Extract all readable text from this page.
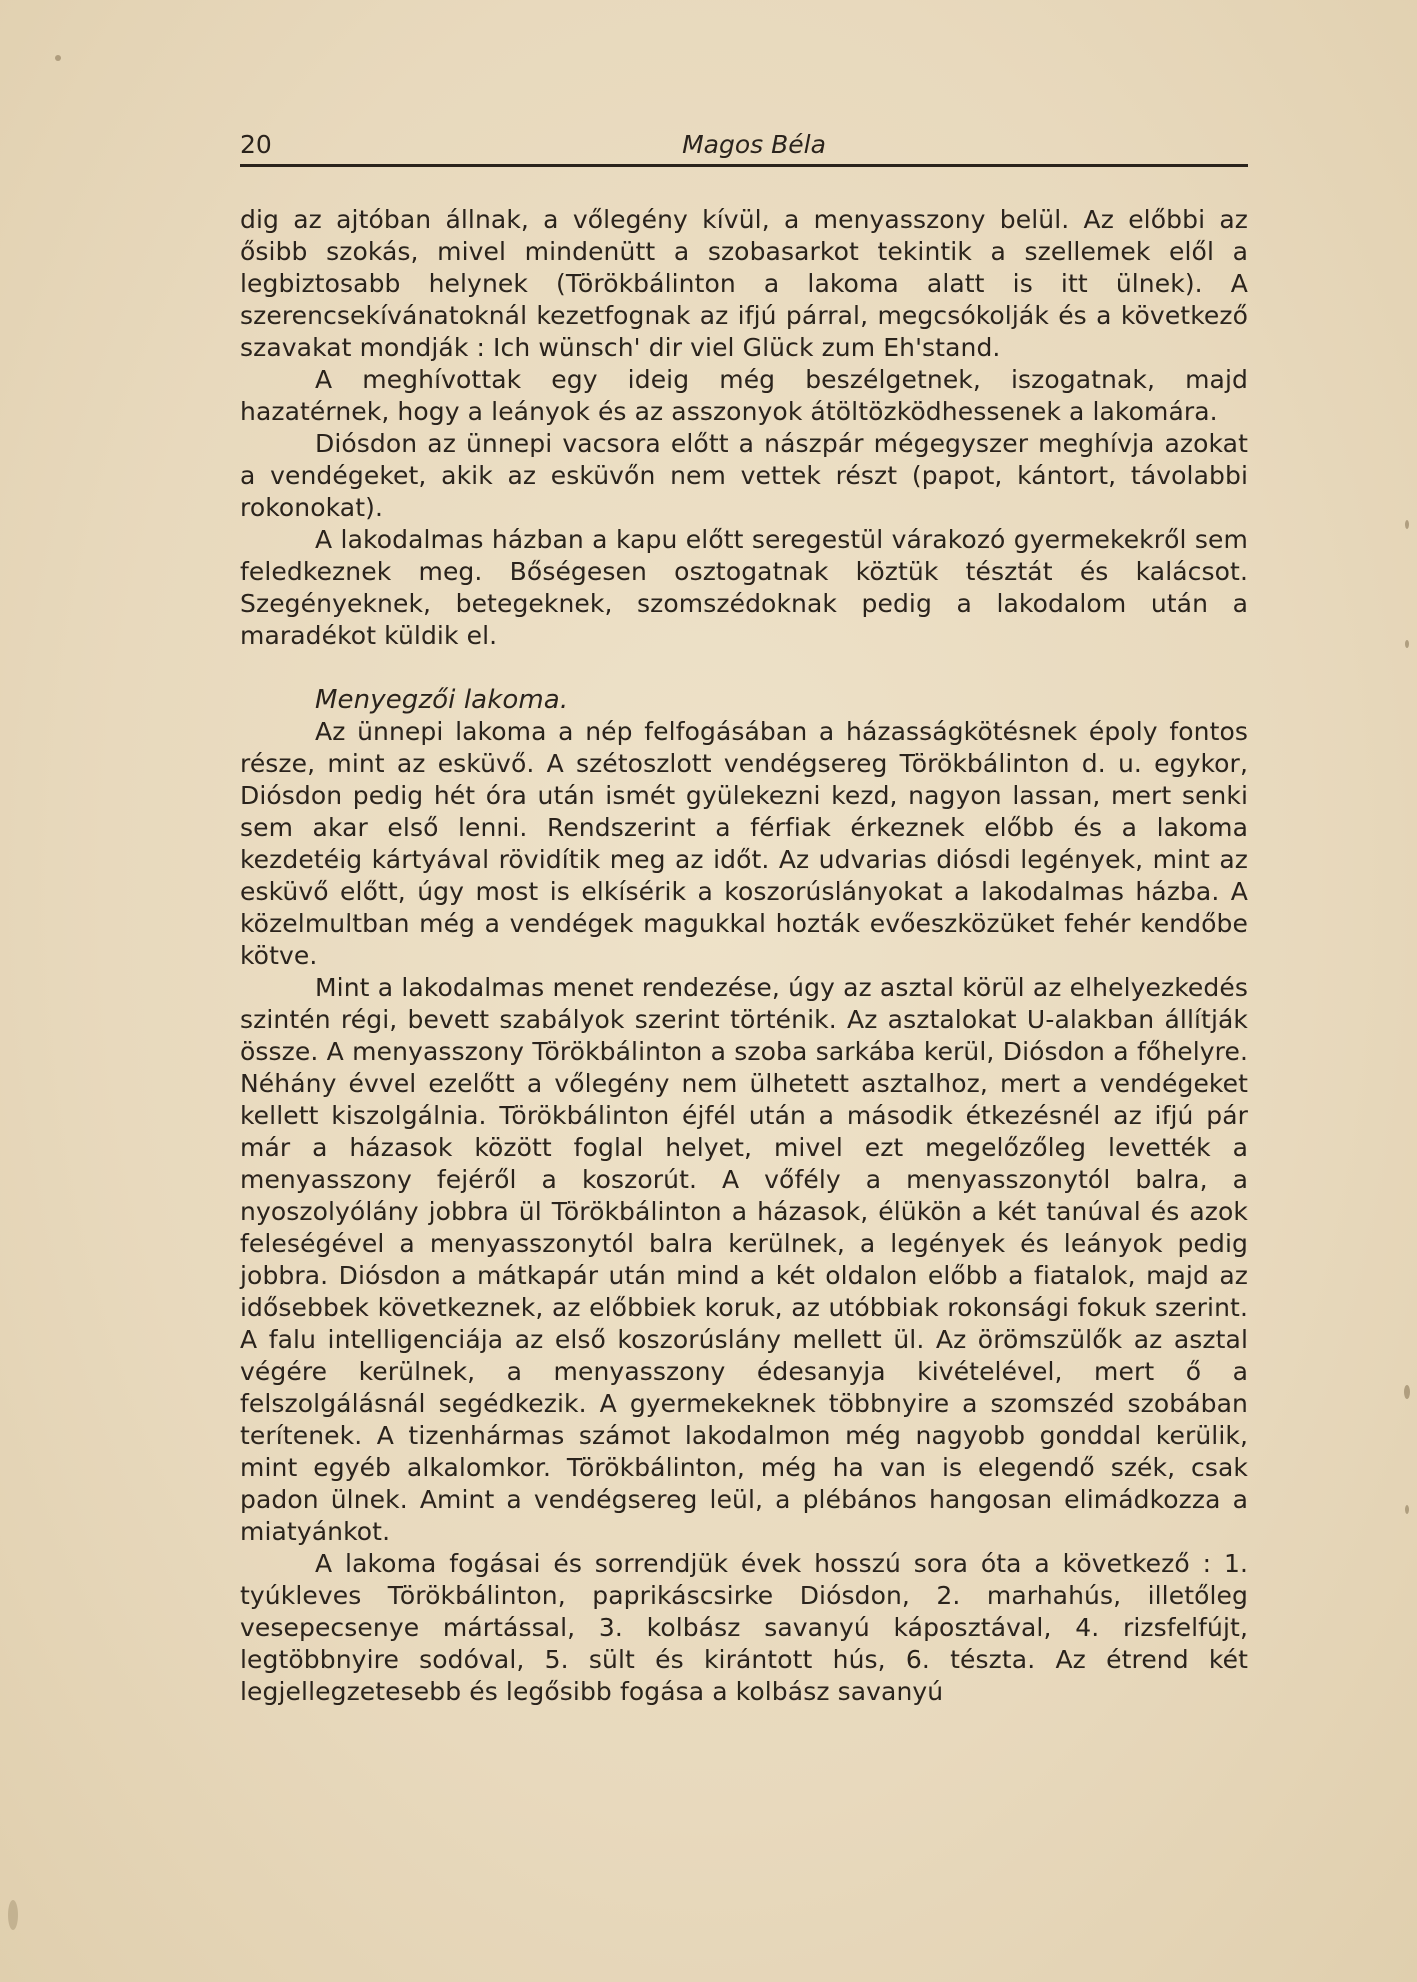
20	Magos Béla

dig az ajtóban állnak, a vőlegény kívül, a menyasszony belül. Az előbbi az ősibb szokás, mivel mindenütt a szobasarkot tekintik a szellemek elől a legbiztosabb helynek (Törökbálinton a lakoma alatt is itt ülnek). A szerencsekívánatoknál kezetfognak az ifjú párral, megcsókolják és a következő szavakat mondják : Ich wünsch' dir viel Glück zum Eh'stand.

A meghívottak egy ideig még beszélgetnek, iszogatnak, majd hazatérnek, hogy a leányok és az asszonyok átöltözködhessenek a lakomára.

Diósdon az ünnepi vacsora előtt a nászpár mégegyszer meghívja azokat a vendégeket, akik az esküvőn nem vettek részt (papot, kántort, távolabbi rokonokat).

A lakodalmas házban a kapu előtt seregestül várakozó gyermekekről sem feledkeznek meg. Bőségesen osztogatnak köztük tésztát és kalácsot. Szegényeknek, betegeknek, szomszédoknak pedig a lakodalom után a maradékot küldik el.

Menyegzői lakoma.

Az ünnepi lakoma a nép felfogásában a házasságkötésnek époly fontos része, mint az esküvő. A szétoszlott vendégsereg Törökbálinton d. u. egykor, Diósdon pedig hét óra után ismét gyülekezni kezd, nagyon lassan, mert senki sem akar első lenni. Rendszerint a férfiak érkeznek előbb és a lakoma kezdetéig kártyával rövidítik meg az időt. Az udvarias diósdi legények, mint az esküvő előtt, úgy most is elkísérik a koszorúslányokat a lakodalmas házba. A közelmultban még a vendégek magukkal hozták evőeszközüket fehér kendőbe kötve.

Mint a lakodalmas menet rendezése, úgy az asztal körül az elhelyezkedés szintén régi, bevett szabályok szerint történik. Az asztalokat U-alakban állítják össze. A menyasszony Törökbálinton a szoba sarkába kerül, Diósdon a főhelyre. Néhány évvel ezelőtt a vőlegény nem ülhetett asztalhoz, mert a vendégeket kellett kiszolgálnia. Törökbálinton éjfél után a második étkezésnél az ifjú pár már a házasok között foglal helyet, mivel ezt megelőzőleg levették a menyasszony fejéről a koszorút. A vőfély a menyasszonytól balra, a nyoszolyólány jobbra ül Törökbálinton a házasok, élükön a két tanúval és azok feleségével a menyasszonytól balra kerülnek, a legények és leányok pedig jobbra. Diósdon a mátkapár után mind a két oldalon előbb a fiatalok, majd az idősebbek következnek, az előbbiek koruk, az utóbbiak rokonsági fokuk szerint. A falu intelligenciája az első koszorúslány mellett ül. Az örömszülők az asztal végére kerülnek, a menyasszony édesanyja kivételével, mert ő a felszolgálásnál segédkezik. A gyermekeknek többnyire a szomszéd szobában terítenek. A tizenhármas számot lakodalmon még nagyobb gonddal kerülik, mint egyéb alkalomkor. Törökbálinton, még ha van is elegendő szék, csak padon ülnek. Amint a vendégsereg leül, a plébános hangosan elimádkozza a miatyánkot.

A lakoma fogásai és sorrendjük évek hosszú sora óta a következő : 1. tyúkleves Törökbálinton, paprikáscsirke Diósdon, 2. marhahús, illetőleg vesepecsenye mártással, 3. kolbász savanyú káposztával, 4. rizsfelfújt, legtöbbnyire sodóval, 5. sült és kirántott hús, 6. tészta. Az étrend két legjellegzetesebb és legősibb fogása a kolbász savanyú
